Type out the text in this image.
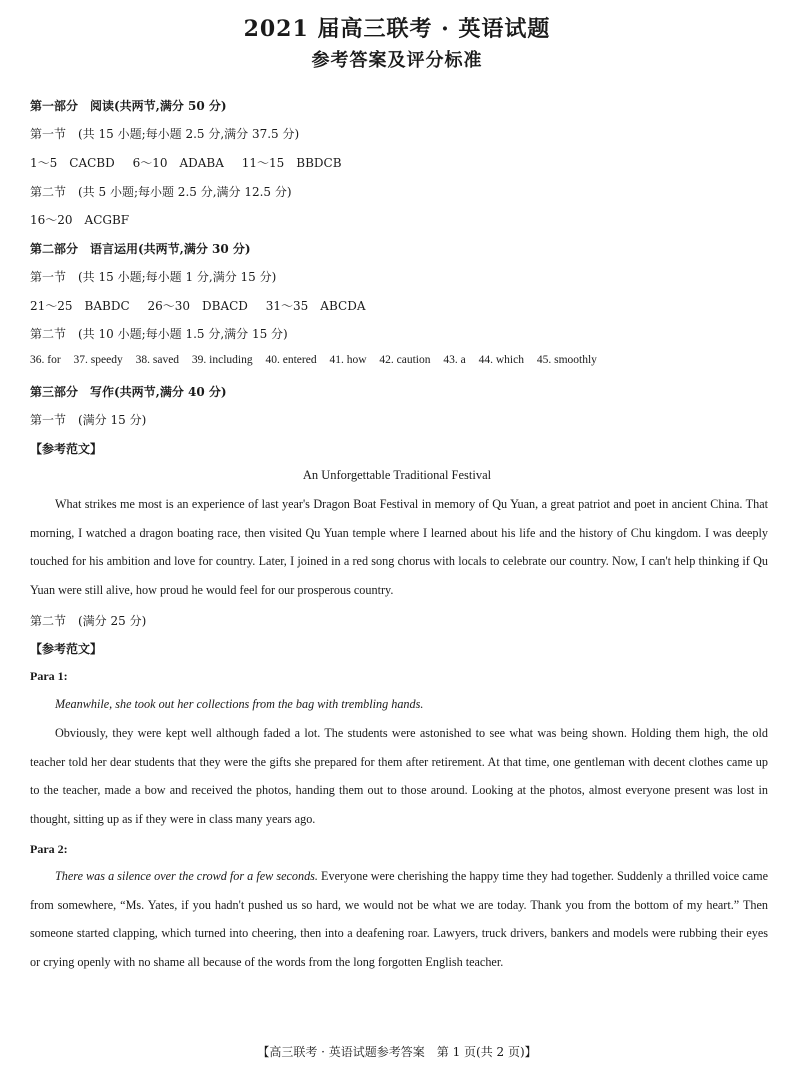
2021 届高三联考 · 英语试题
参考答案及评分标准
第一部分　阅读(共两节,满分 50 分)
第一节　(共 15 小题;每小题 2.5 分,满分 37.5 分)
1～5　CACBD 6～10　ADABA 11～15　BBDCB
第二节　(共 5 小题;每小题 2.5 分,满分 12.5 分)
16～20　ACGBF
第二部分　语言运用(共两节,满分 30 分)
第一节　(共 15 小题;每小题 1 分,满分 15 分)
21～25　BABDC 26～30　DBACD 31～35　ABCDA
第二节　(共 10 小题;每小题 1.5 分,满分 15 分)
36. for 37. speedy 38. saved 39. including 40. entered 41. how 42. caution 43. a 44. which 45. smoothly
第三部分　写作(共两节,满分 40 分)
第一节　(满分 15 分)
【参考范文】
An Unforgettable Traditional Festival
What strikes me most is an experience of last year's Dragon Boat Festival in memory of Qu Yuan, a great patriot and poet in ancient China. That morning, I watched a dragon boating race, then visited Qu Yuan temple where I learned about his life and the history of Chu kingdom. I was deeply touched for his ambition and love for country. Later, I joined in a red song chorus with locals to celebrate our country. Now, I can't help thinking if Qu Yuan were still alive, how proud he would feel for our prosperous country.
第二节　(满分 25 分)
【参考范文】
Para 1:
Meanwhile, she took out her collections from the bag with trembling hands.
Obviously, they were kept well although faded a lot. The students were astonished to see what was being shown. Holding them high, the old teacher told her dear students that they were the gifts she prepared for them after retirement. At that time, one gentleman with decent clothes came up to the teacher, made a bow and received the photos, handing them out to those around. Looking at the photos, almost everyone present was lost in thought, sitting up as if they were in class many years ago.
Para 2:
There was a silence over the crowd for a few seconds. Everyone were cherishing the happy time they had together. Suddenly a thrilled voice came from somewhere, “Ms. Yates, if you hadn't pushed us so hard, we would not be what we are today. Thank you from the bottom of my heart.” Then someone started clapping, which turned into cheering, then into a deafening roar. Lawyers, truck drivers, bankers and models were rubbing their eyes or crying openly with no shame all because of the words from the long forgotten English teacher.
【高三联考 · 英语试题参考答案　第 1 页(共 2 页)】
